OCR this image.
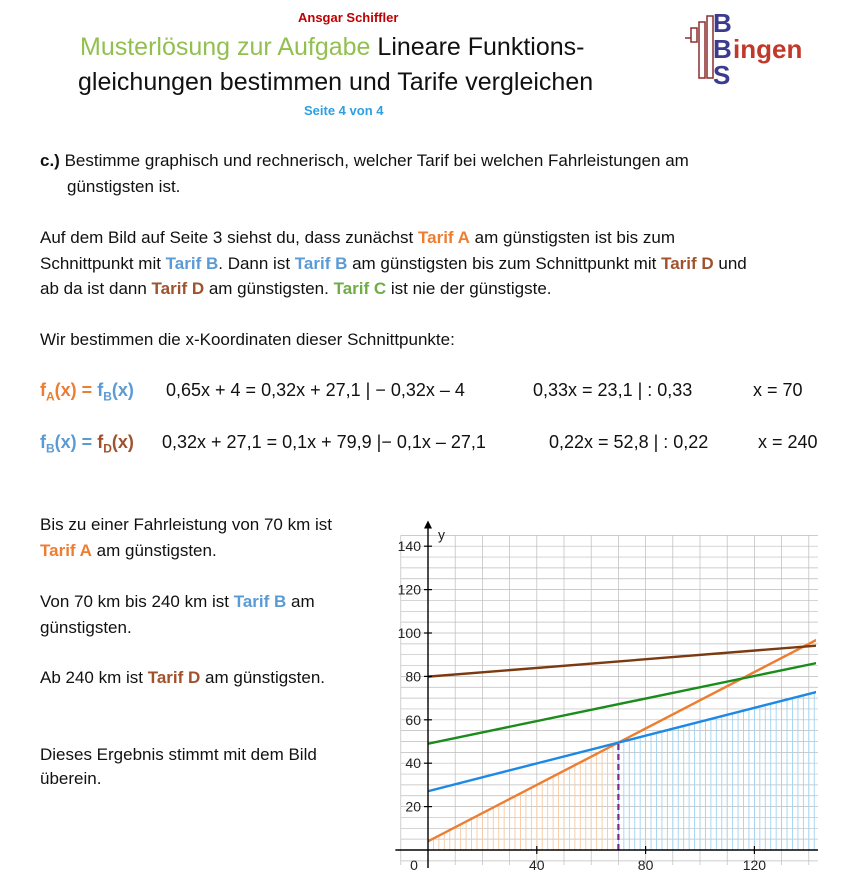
Ansgar Schiffler
Musterlösung zur Aufgabe Lineare Funktions-
gleichungen bestimmen und Tarife vergleichen
Seite 4 von 4
B
B
S
ingen
c.) Bestimme graphisch und rechnerisch, welcher Tarif bei welchen Fahrleistungen am
günstigsten ist.
Auf dem Bild auf Seite 3 siehst du, dass zunächst Tarif A am günstigsten ist bis zum
Schnittpunkt mit Tarif B. Dann ist Tarif B am günstigsten bis zum Schnittpunkt mit Tarif D und
ab da ist dann Tarif D am günstigsten. Tarif C ist nie der günstigste.
Wir bestimmen die x-Koordinaten dieser Schnittpunkte:
$f_A(x) = f_B(x) 0,65x + 4 = 0,32x + 27,1$ | − 0,32x – 4	0,33x = 23,1 | : 0,33	x = 70
$f_B(x) = f_D(x) 0,32x + 27,1 = 0,1x + 79,9$ |− 0,1x – 27,1	0,22x = 52,8 | : 0,22	x = 240
Bis zu einer Fahrleistung von 70 km ist
Tarif A am günstigsten.
Von 70 km bis 240 km ist Tarif B am
günstigsten.
Ab 240 km ist Tarif D am günstigsten.
Dieses Ergebnis stimmt mit dem Bild
überein.
40	80	120
20
40
60
80
100
120
140
0
y
